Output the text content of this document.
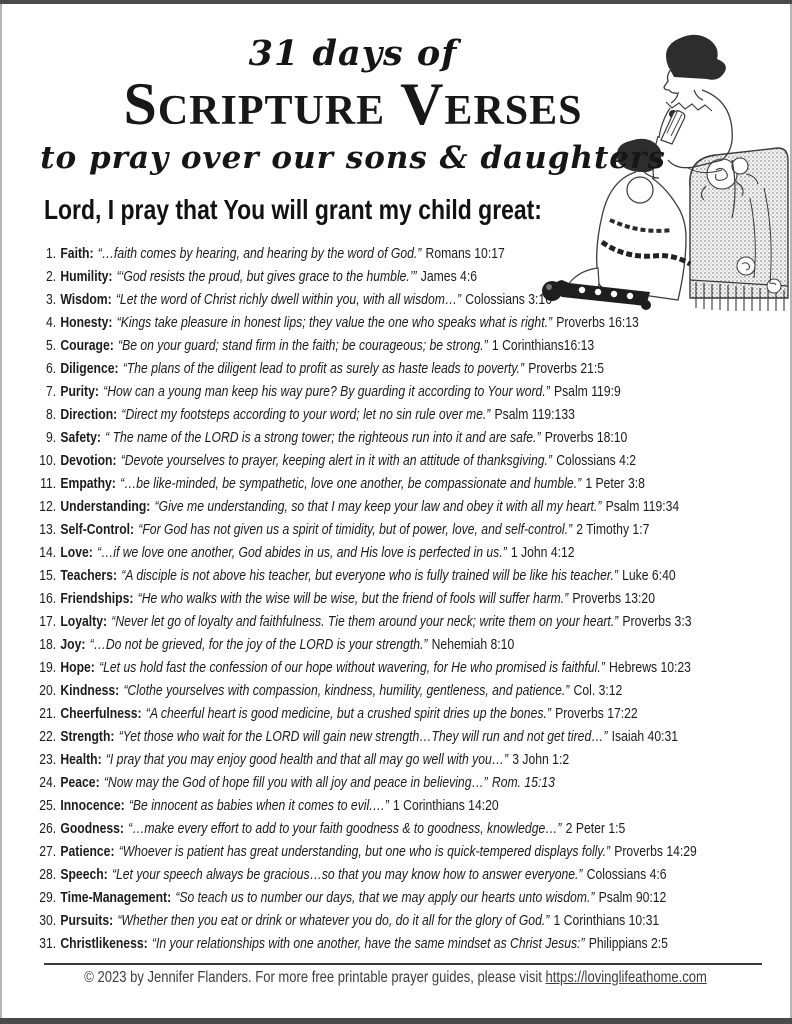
31 days of
Scripture Verses
to pray over our sons & daughters
Lord, I pray that You will grant my child great:
1. Faith: “…faith comes by hearing, and hearing by the word of God.” Romans 10:17
2. Humility: “‘God resists the proud, but gives grace to the humble.’” James 4:6
3. Wisdom: “Let the word of Christ richly dwell within you, with all wisdom…” Colossians 3:16
4. Honesty: “Kings take pleasure in honest lips; they value the one who speaks what is right.” Proverbs 16:13
5. Courage: “Be on your guard; stand firm in the faith; be courageous; be strong.” 1 Corinthians16:13
6. Diligence: “The plans of the diligent lead to profit as surely as haste leads to poverty.” Proverbs 21:5
7. Purity: “How can a young man keep his way pure? By guarding it according to Your word.” Psalm 119:9
8. Direction: “Direct my footsteps according to your word; let no sin rule over me.” Psalm 119:133
9. Safety: “ The name of the LORD is a strong tower; the righteous run into it and are safe.” Proverbs 18:10
10. Devotion: “Devote yourselves to prayer, keeping alert in it with an attitude of thanksgiving.” Colossians 4:2
11. Empathy: “…be like-minded, be sympathetic, love one another, be compassionate and humble.” 1 Peter 3:8
12. Understanding: “Give me understanding, so that I may keep your law and obey it with all my heart.” Psalm 119:34
13. Self-Control: “For God has not given us a spirit of timidity, but of power, love, and self-control.” 2 Timothy 1:7
14. Love: “…if we love one another, God abides in us, and His love is perfected in us.” 1 John 4:12
15. Teachers: “A disciple is not above his teacher, but everyone who is fully trained will be like his teacher.” Luke 6:40
16. Friendships: “He who walks with the wise will be wise, but the friend of fools will suffer harm.” Proverbs 13:20
17. Loyalty: “Never let go of loyalty and faithfulness. Tie them around your neck; write them on your heart.” Proverbs 3:3
18. Joy: “…Do not be grieved, for the joy of the LORD is your strength.” Nehemiah 8:10
19. Hope: “Let us hold fast the confession of our hope without wavering, for He who promised is faithful.” Hebrews 10:23
20. Kindness: “Clothe yourselves with compassion, kindness, humility, gentleness, and patience.” Col. 3:12
21. Cheerfulness: “A cheerful heart is good medicine, but a crushed spirit dries up the bones.” Proverbs 17:22
22. Strength: “Yet those who wait for the LORD will gain new strength…They will run and not get tired…” Isaiah 40:31
23. Health: “I pray that you may enjoy good health and that all may go well with you…” 3 John 1:2
24. Peace: “Now may the God of hope fill you with all joy and peace in believing…” Rom. 15:13
25. Innocence: “Be innocent as babies when it comes to evil.…” 1 Corinthians 14:20
26. Goodness: “…make every effort to add to your faith goodness & to goodness, knowledge…” 2 Peter 1:5
27. Patience: “Whoever is patient has great understanding, but one who is quick-tempered displays folly.” Proverbs 14:29
28. Speech: “Let your speech always be gracious…so that you may know how to answer everyone.” Colossians 4:6
29. Time-Management: “So teach us to number our days, that we may apply our hearts unto wisdom.” Psalm 90:12
30. Pursuits: “Whether then you eat or drink or whatever you do, do it all for the glory of God.” 1 Corinthians 10:31
31. Christlikeness: “In your relationships with one another, have the same mindset as Christ Jesus:” Philippians 2:5
© 2023 by Jennifer Flanders. For more free printable prayer guides, please visit https://lovinglifeathome.com
